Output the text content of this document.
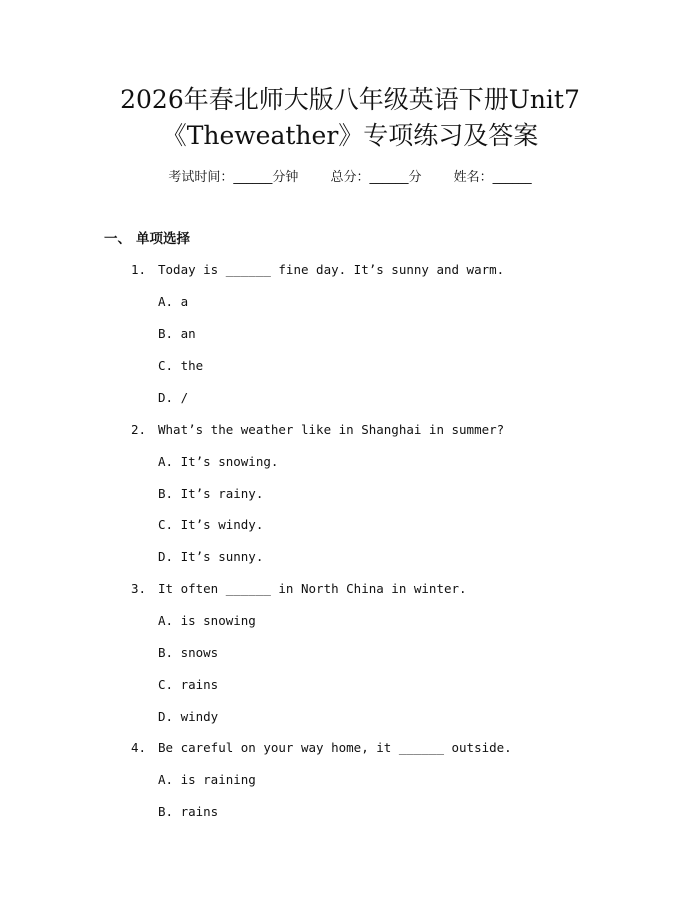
2026年春北师大版八年级英语下册Unit7
《Theweather》专项练习及答案
考试时间：______分钟 总分：______分 姓名：______
一、 单项选择
1. Today is ______ fine day. It’s sunny and warm.
A. a
B. an
C. the
D. /
2. What’s the weather like in Shanghai in summer?
A. It’s snowing.
B. It’s rainy.
C. It’s windy.
D. It’s sunny.
3. It often ______ in North China in winter.
A. is snowing
B. snows
C. rains
D. windy
4. Be careful on your way home, it ______ outside.
A. is raining
B. rains
